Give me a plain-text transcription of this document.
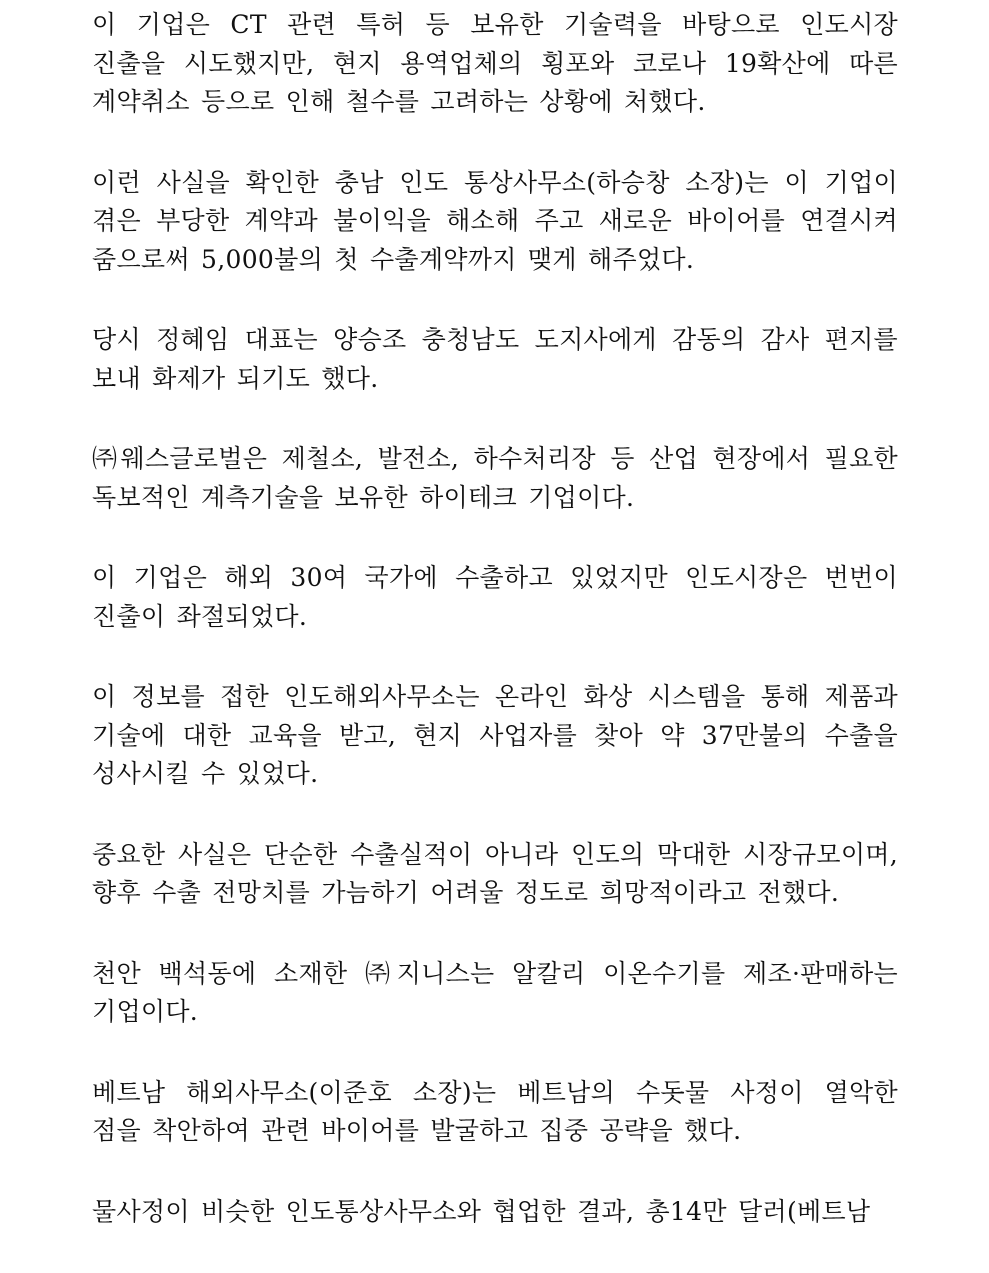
이 기업은 CT 관련 특허 등 보유한 기술력을 바탕으로 인도시장 진출을 시도했지만, 현지 용역업체의 횡포와 코로나 19확산에 따른 계약취소 등으로 인해 철수를 고려하는 상황에 처했다.

이런 사실을 확인한 충남 인도 통상사무소(하승창 소장)는 이 기업이 겪은 부당한 계약과 불이익을 해소해 주고 새로운 바이어를 연결시켜 줌으로써 5,000불의 첫 수출계약까지 맺게 해주었다.

당시 정혜임 대표는 양승조 충청남도 도지사에게 감동의 감사 편지를 보내 화제가 되기도 했다.

㈜웨스글로벌은 제철소, 발전소, 하수처리장 등 산업 현장에서 필요한 독보적인 계측기술을 보유한 하이테크 기업이다.

이 기업은 해외 30여 국가에 수출하고 있었지만 인도시장은 번번이 진출이 좌절되었다.

이 정보를 접한 인도해외사무소는 온라인 화상 시스템을 통해 제품과 기술에 대한 교육을 받고, 현지 사업자를 찾아 약 37만불의 수출을 성사시킬 수 있었다.

중요한 사실은 단순한 수출실적이 아니라 인도의 막대한 시장규모이며, 향후 수출 전망치를 가늠하기 어려울 정도로 희망적이라고 전했다.

천안 백석동에 소재한 ㈜지니스는 알칼리 이온수기를 제조·판매하는 기업이다.

베트남 해외사무소(이준호 소장)는 베트남의 수돗물 사정이 열악한 점을 착안하여 관련 바이어를 발굴하고 집중 공략을 했다.

물사정이 비슷한 인도통상사무소와 협업한 결과, 총14만 달러(베트남
